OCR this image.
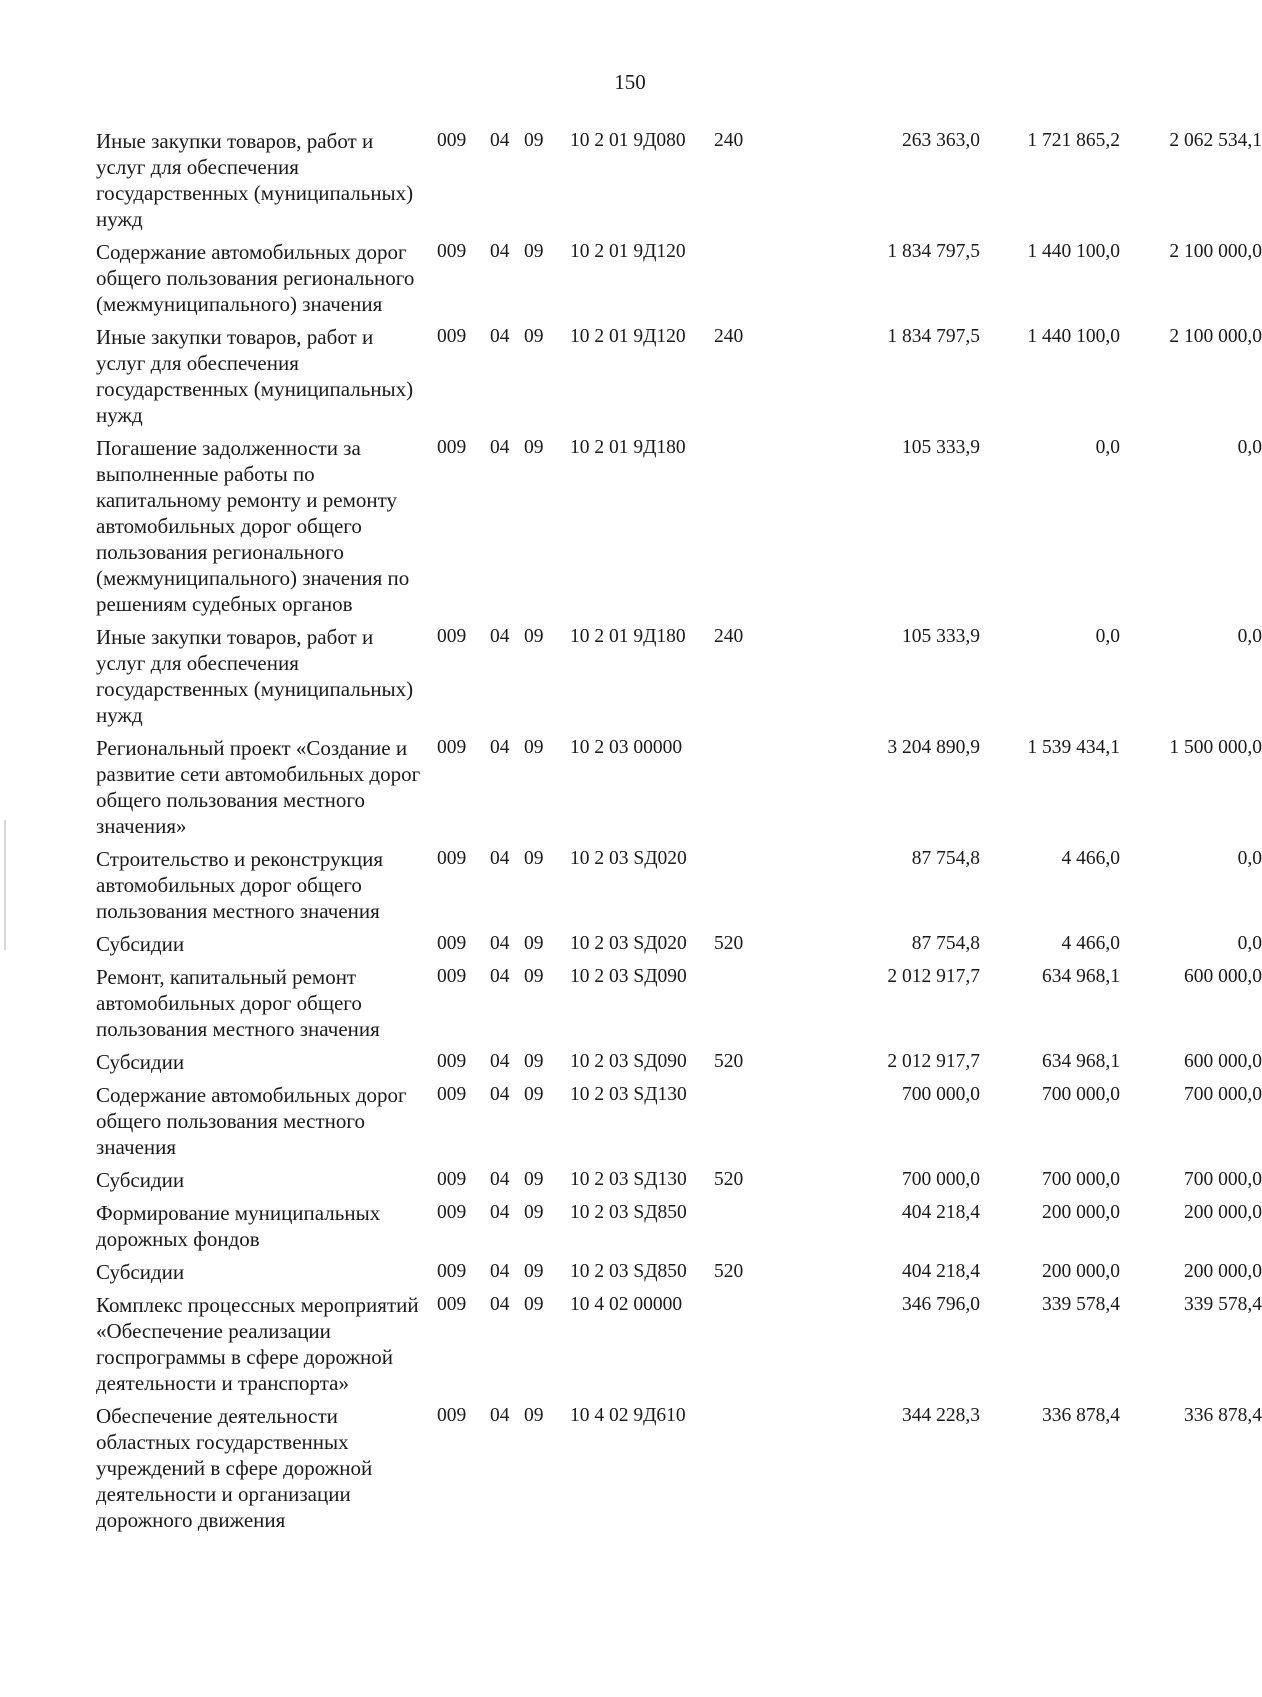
150
Иные закупки товаров, работ и услуг для обеспечения государственных (муниципальных) нужд
009 04 09 10 2 01 9Д080 240	263 363,0	1 721 865,2	2 062 534,1
Содержание автомобильных дорог общего пользования регионального (межмуниципального) значения
009 04 09 10 2 01 9Д120	1 834 797,5	1 440 100,0	2 100 000,0
Иные закупки товаров, работ и услуг для обеспечения государственных (муниципальных) нужд
009 04 09 10 2 01 9Д120 240	1 834 797,5	1 440 100,0	2 100 000,0
Погашение задолженности за выполненные работы по капитальному ремонту и ремонту автомобильных дорог общего пользования регионального (межмуниципального) значения по решениям судебных органов
009 04 09 10 2 01 9Д180	105 333,9	0,0	0,0
Иные закупки товаров, работ и услуг для обеспечения государственных (муниципальных) нужд
009 04 09 10 2 01 9Д180 240	105 333,9	0,0	0,0
Региональный проект «Создание и развитие сети автомобильных дорог общего пользования местного значения»
009 04 09 10 2 03 00000	3 204 890,9	1 539 434,1	1 500 000,0
Строительство и реконструкция автомобильных дорог общего пользования местного значения
009 04 09 10 2 03 SД020	87 754,8	4 466,0	0,0
Субсидии	009 04 09 10 2 03 SД020 520	87 754,8	4 466,0	0,0
Ремонт, капитальный ремонт автомобильных дорог общего пользования местного значения
009 04 09 10 2 03 SД090	2 012 917,7	634 968,1	600 000,0
Субсидии	009 04 09 10 2 03 SД090 520	2 012 917,7	634 968,1	600 000,0
Содержание автомобильных дорог общего пользования местного значения
009 04 09 10 2 03 SД130	700 000,0	700 000,0	700 000,0
Субсидии	009 04 09 10 2 03 SД130 520	700 000,0	700 000,0	700 000,0
Формирование муниципальных дорожных фондов
009 04 09 10 2 03 SД850	404 218,4	200 000,0	200 000,0
Субсидии	009 04 09 10 2 03 SД850 520	404 218,4	200 000,0	200 000,0
Комплекс процессных мероприятий «Обеспечение реализации госпрограммы в сфере дорожной деятельности и транспорта»
009 04 09 10 4 02 00000	346 796,0	339 578,4	339 578,4
Обеспечение деятельности областных государственных учреждений в сфере дорожной деятельности и организации дорожного движения
009 04 09 10 4 02 9Д610	344 228,3	336 878,4	336 878,4
